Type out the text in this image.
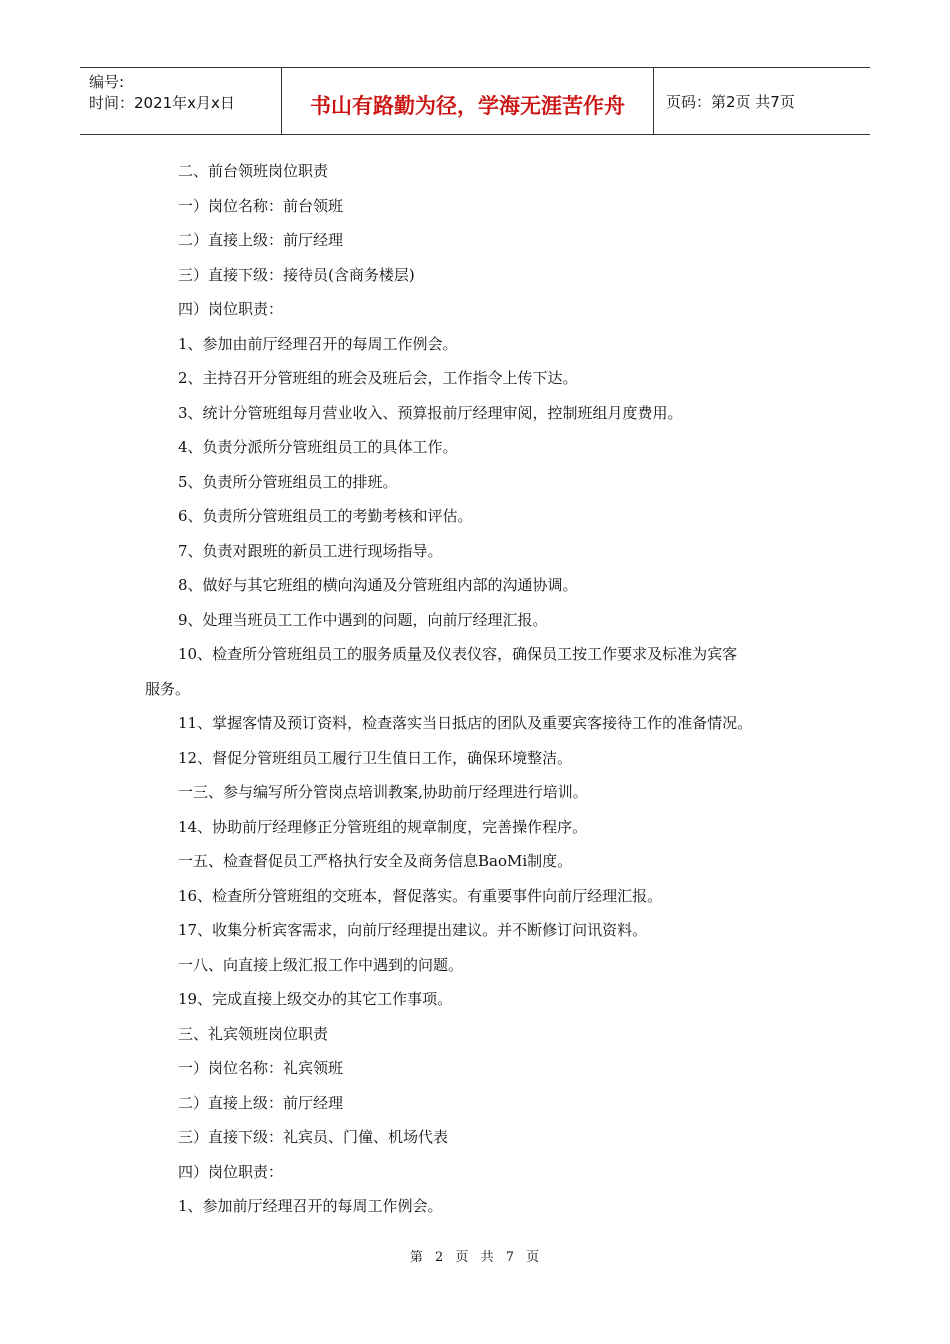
编号:
时间：2021年x月x日	书山有路勤为径，学海无涯苦作舟	页码：第2页 共7页
二、前台领班岗位职责
一）岗位名称：前台领班
二）直接上级：前厅经理
三）直接下级：接待员(含商务楼层)
四）岗位职责：
1、参加由前厅经理召开的每周工作例会。
2、主持召开分管班组的班会及班后会，工作指令上传下达。
3、统计分管班组每月营业收入、预算报前厅经理审阅，控制班组月度费用。
4、负责分派所分管班组员工的具体工作。
5、负责所分管班组员工的排班。
6、负责所分管班组员工的考勤考核和评估。
7、负责对跟班的新员工进行现场指导。
8、做好与其它班组的横向沟通及分管班组内部的沟通协调。
9、处理当班员工工作中遇到的问题，向前厅经理汇报。
10、检查所分管班组员工的服务质量及仪表仪容，确保员工按工作要求及标准为宾客
服务。
11、掌握客情及预订资料，检查落实当日抵店的团队及重要宾客接待工作的准备情况。
12、督促分管班组员工履行卫生值日工作，确保环境整洁。
一三、参与编写所分管岗点培训教案,协助前厅经理进行培训。
14、协助前厅经理修正分管班组的规章制度，完善操作程序。
一五、检查督促员工严格执行安全及商务信息BaoMi制度。
16、检查所分管班组的交班本，督促落实。有重要事件向前厅经理汇报。
17、收集分析宾客需求，向前厅经理提出建议。并不断修订问讯资料。
一八、向直接上级汇报工作中遇到的问题。
19、完成直接上级交办的其它工作事项。
三、礼宾领班岗位职责
一）岗位名称：礼宾领班
二）直接上级：前厅经理
三）直接下级：礼宾员、门僮、机场代表
四）岗位职责：
1、参加前厅经理召开的每周工作例会。
第 2 页 共 7 页
